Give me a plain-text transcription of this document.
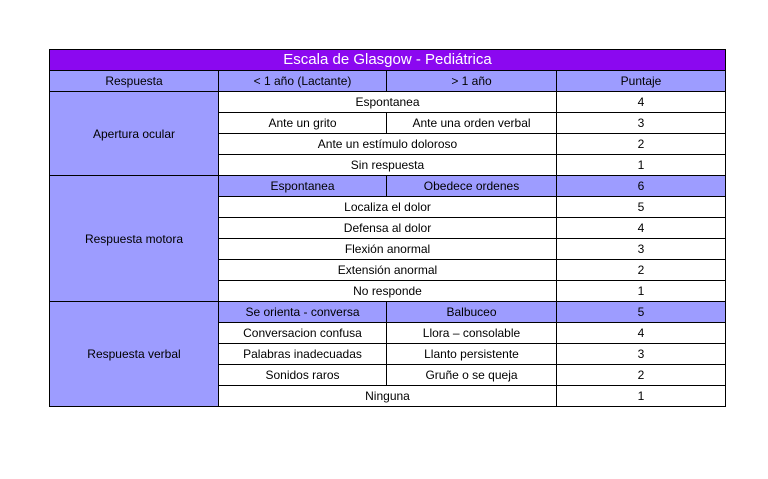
Escala de Glasgow - Pediátrica			
Respuesta	< 1 año (Lactante)	> 1 año	Puntaje
Apertura ocular	Espontanea		4
	Ante un grito	Ante una orden verbal	3
	Ante un estímulo doloroso		2
	Sin respuesta		1
Respuesta motora	Espontanea	Obedece ordenes	6
	Localiza el dolor		5
	Defensa al dolor		4
	Flexión anormal		3
	Extensión anormal		2
	No responde		1
Respuesta verbal	Se orienta - conversa	Balbuceo	5
	Conversacion confusa	Llora – consolable	4
	Palabras inadecuadas	Llanto persistente	3
	Sonidos raros	Gruñe o se queja	2
	Ninguna		1
